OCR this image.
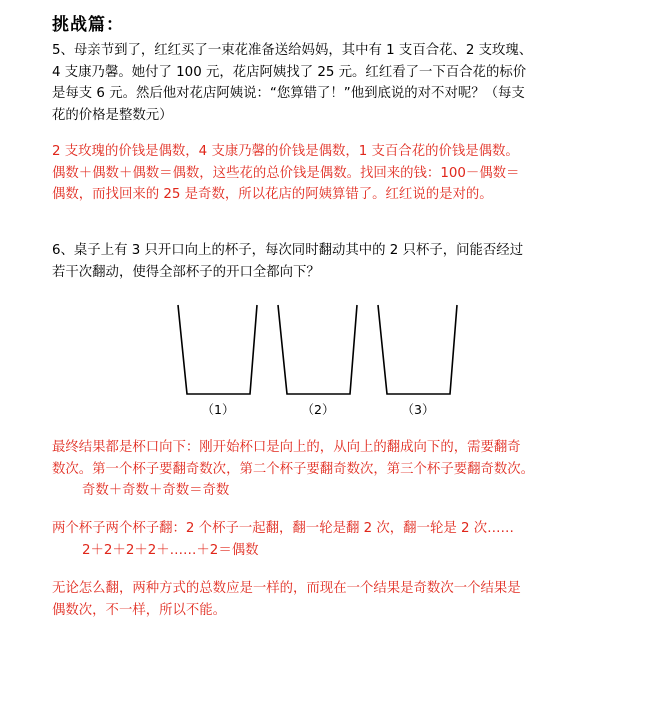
挑战篇：

5、母亲节到了，红红买了一束花准备送给妈妈，其中有 1 支百合花、2 支玫瑰、

4 支康乃馨。她付了 100 元，花店阿姨找了 25 元。红红看了一下百合花的标价

是每支 6 元。然后他对花店阿姨说：“您算错了！”他到底说的对不对呢？（每支

花的价格是整数元）

2 支玫瑰的价钱是偶数，4 支康乃馨的价钱是偶数，1 支百合花的价钱是偶数。

偶数＋偶数＋偶数＝偶数，这些花的总价钱是偶数。找回来的钱：100－偶数＝

偶数，而找回来的 25 是奇数，所以花店的阿姨算错了。红红说的是对的。

6、桌子上有 3 只开口向上的杯子，每次同时翻动其中的 2 只杯子，问能否经过

若干次翻动，使得全部杯子的开口全都向下？

（1）	（2）	（3）

最终结果都是杯口向下：刚开始杯口是向上的，从向上的翻成向下的，需要翻奇

数次。第一个杯子要翻奇数次，第二个杯子要翻奇数次，第三个杯子要翻奇数次。

奇数＋奇数＋奇数＝奇数

两个杯子两个杯子翻：2 个杯子一起翻，翻一轮是翻 2 次，翻一轮是 2 次……

2＋2＋2＋2＋……＋2＝偶数

无论怎么翻，两种方式的总数应是一样的，而现在一个结果是奇数次一个结果是

偶数次，不一样，所以不能。
